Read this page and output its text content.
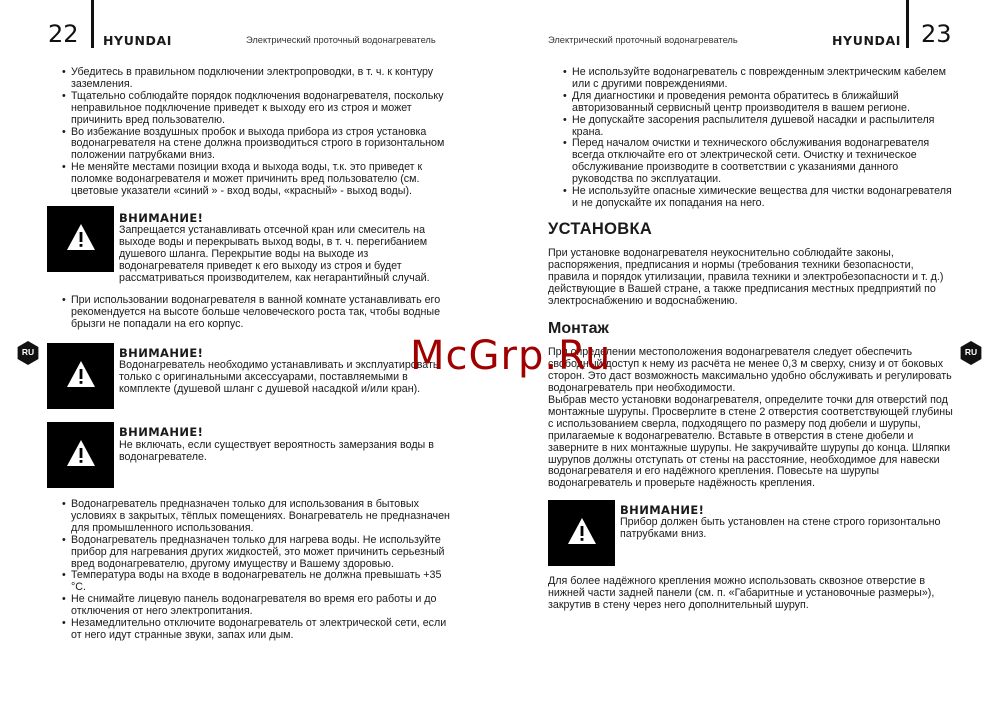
22 HYUNDAI	Электрический проточный водонагреватель	Электрический проточный водонагреватель	HYUNDAI 23
RU	RU
• Убедитесь в правильном подключении электропроводки, в т. ч. к контуру заземления.
• Тщательно соблюдайте порядок подключения водонагревателя, поскольку неправильное подключение приведет к выходу его из строя и может причинить вред пользователю.
• Во избежание воздушных пробок и выхода прибора из строя установка водонагревателя на стене должна производиться строго в горизонтальном положении патрубками вниз.
• Не меняйте местами позиции входа и выхода воды, т.к. это приведет к поломке водонагревателя и может причинить вред пользователю (см. цветовые указатели «синий » - вход воды, «красный» - выход воды).
ВНИМАНИЕ!

Запрещается устанавливать отсечной кран или смеситель на выходе воды и перекрывать выход воды, в т. ч. перегибанием душевого шланга. Перекрытие воды на выходе из водонагревателя приведет к его выходу из строя и будет рассматриваться производителем, как негарантийный случай.

• При использовании водонагревателя в ванной комнате устанавливать его рекомендуется на высоте больше человеческого роста так, чтобы водные брызги не попадали на его корпус.
ВНИМАНИЕ!

Водонагреватель необходимо устанавливать и эксплуатировать только с оригинальными аксессуарами, поставляемыми в комплекте (душевой шланг с душевой насадкой и/или кран).

ВНИМАНИЕ!

Не включать, если существует вероятность замерзания воды в водонагревателе.

• Водонагреватель предназначен только для использования в бытовых условиях в закрытых, тёплых помещениях. Вонагреватель не предназначен для промышленного использования.
• Водонагреватель предназначен только для нагрева воды. Не используйте прибор для нагревания других жидкостей, это может причинить серьезный вред водонагревателю, другому имуществу и Вашему здоровью.
• Температура воды на входе в водонагреватель не должна превышать +35 °С.
• Не снимайте лицевую панель водонагревателя во время его работы и до отключения от него электропитания.
• Незамедлительно отключите водонагреватель от электрической сети, если от него идут странные звуки, запах или дым.
• Не используйте водонагреватель с поврежденным электрическим кабелем или с другими повреждениями.
• Для диагностики и проведения ремонта обратитесь в ближайший авторизованный сервисный центр производителя в вашем регионе.
• Не допускайте засорения распылителя душевой насадки и распылителя крана.
• Перед началом очистки и технического обслуживания водонагревателя всегда отключайте его от электрической сети. Очистку и техническое обслуживание производите в соответствии с указаниями данного руководства по эксплуатации.
• Не используйте опасные химические вещества для чистки водонагревателя и не допускайте их попадания на него.
УСТАНОВКА

При установке водонагревателя неукоснительно соблюдайте законы, распоряжения, предписания и нормы (требования техники безопасности, правила и порядок утилизации, правила техники и электробезопасности и т. д.) действующие в Вашей стране, а также предписания местных предприятий по электроснабжению и водоснабжению.

Монтаж

При определении местоположения водонагревателя следует обеспечить свободный доступ к нему из расчёта не менее 0,3 м сверху, снизу и от боковых сторон. Это даст возможность максимально удобно обслуживать и регулировать водонагреватель при необходимости.

Выбрав место установки водонагревателя, определите точки для отверстий под монтажные шурупы. Просверлите в стене 2 отверстия соответствующей глубины с использованием сверла, подходящего по размеру под дюбели и шурупы, прилагаемые к водонагревателю. Вставьте в отверстия в стене дюбели и заверните в них монтажные шурупы. Не закручивайте шурупы до конца. Шляпки шурупов должны отступать от стены на расстояние, необходимое для навески водонагревателя и его надёжного крепления. Повесьте на шурупы водонагреватель и проверьте надёжность крепления.

ВНИМАНИЕ!

Прибор должен быть установлен на стене строго горизонтально патрубками вниз.

Для более надёжного крепления можно использовать сквозное отверстие в нижней части задней панели (см. п. «Габаритные и установочные размеры»), закрутив в стену через него дополнительный шуруп.

McGrp.Ru
